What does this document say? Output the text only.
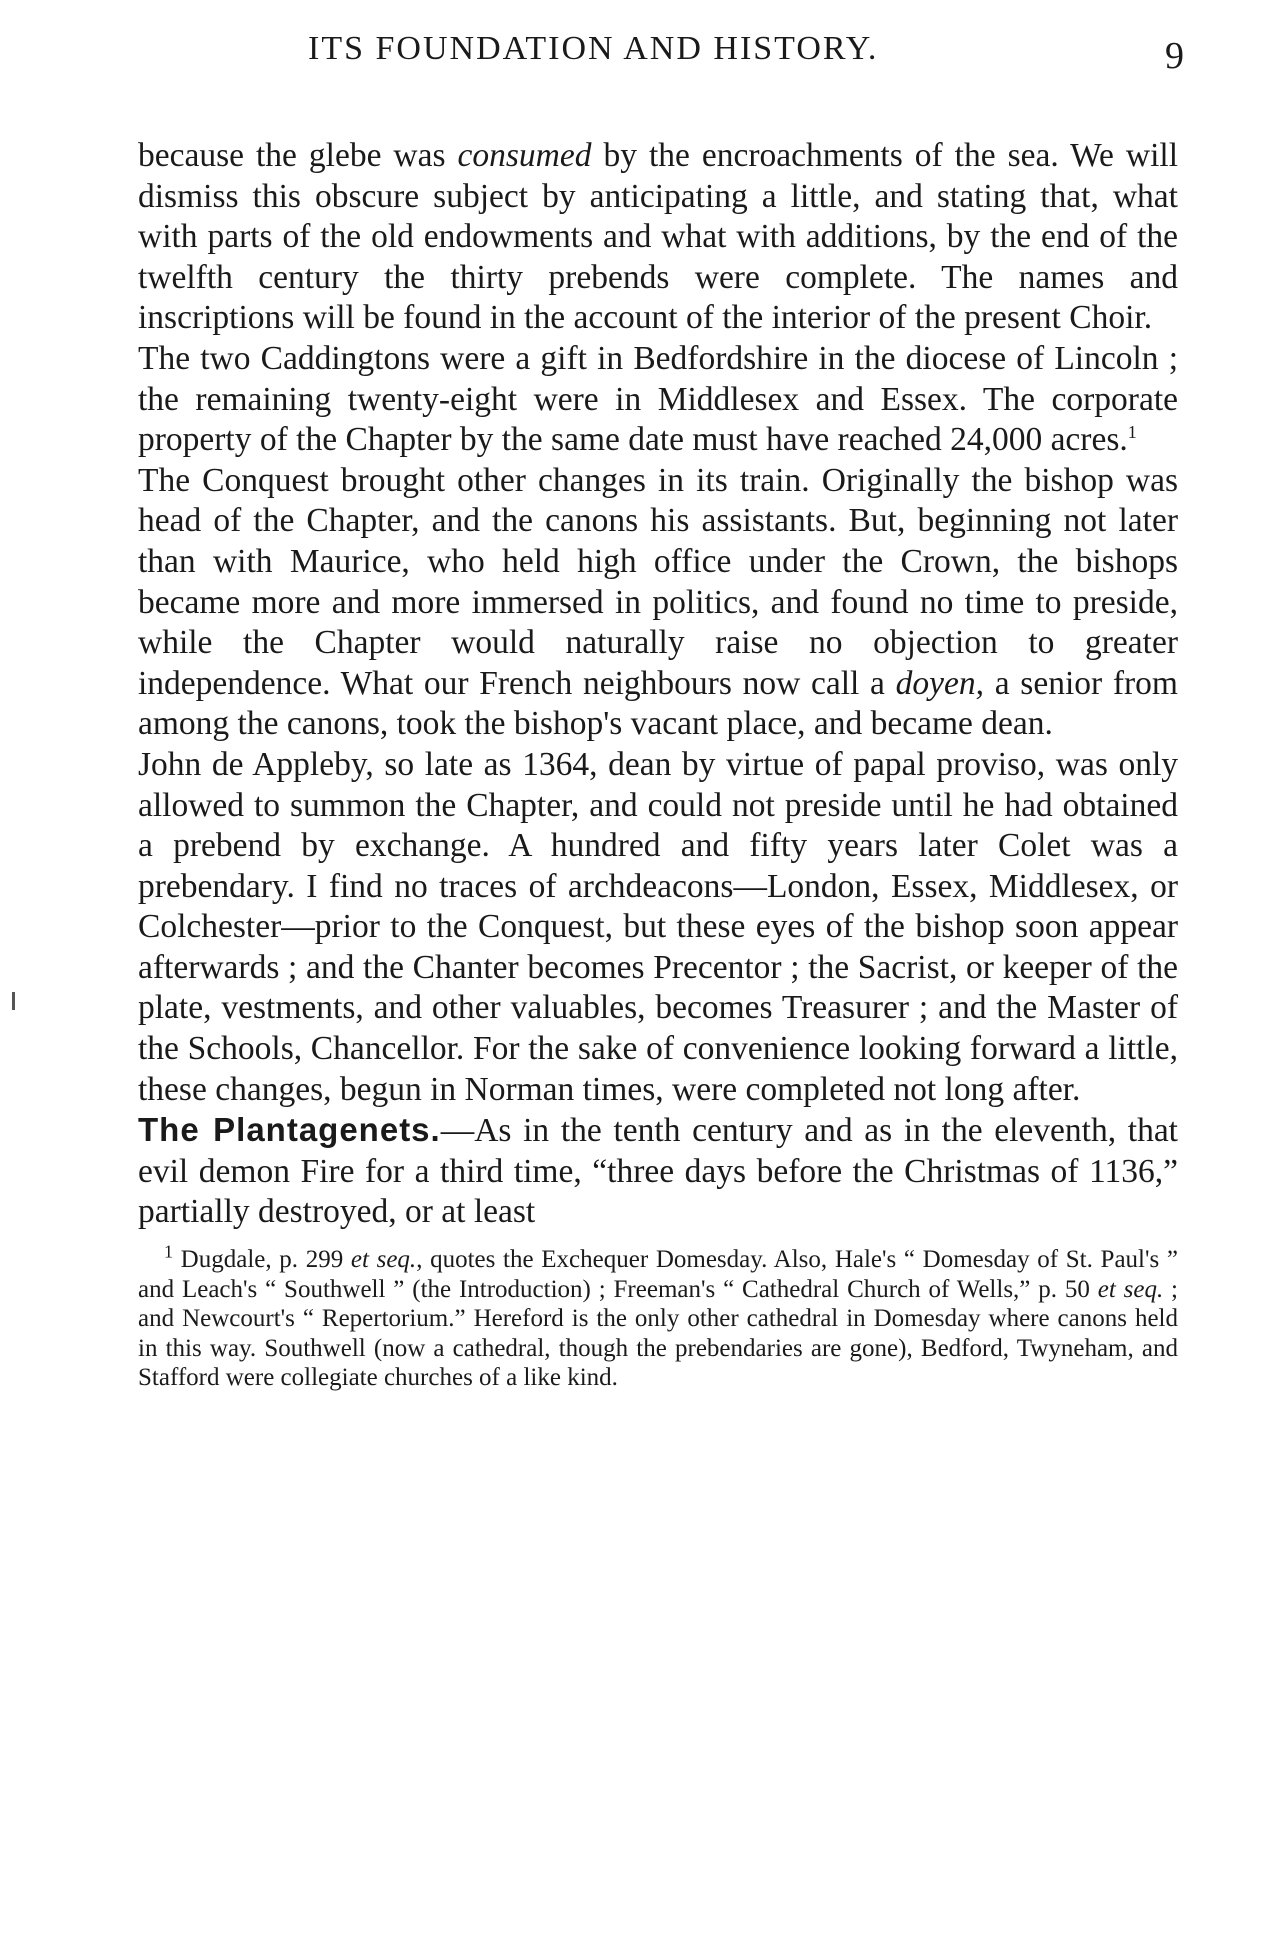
ITS FOUNDATION AND HISTORY.	9

because the glebe was consumed by the encroachments of the sea. We will dismiss this obscure subject by anticipating a little, and stating that, what with parts of the old endowments and what with additions, by the end of the twelfth century the thirty prebends were complete. The names and inscriptions will be found in the account of the interior of the present Choir.

The two Caddingtons were a gift in Bedfordshire in the diocese of Lincoln ; the remaining twenty-eight were in Middlesex and Essex. The corporate property of the Chapter by the same date must have reached 24,000 acres.$^1$

The Conquest brought other changes in its train. Originally the bishop was head of the Chapter, and the canons his assistants. But, beginning not later than with Maurice, who held high office under the Crown, the bishops became more and more immersed in politics, and found no time to preside, while the Chapter would naturally raise no objection to greater independence. What our French neighbours now call a doyen, a senior from among the canons, took the bishop's vacant place, and became dean.

John de Appleby, so late as 1364, dean by virtue of papal proviso, was only allowed to summon the Chapter, and could not preside until he had obtained a prebend by exchange. A hundred and fifty years later Colet was a prebendary. I find no traces of archdeacons—London, Essex, Middlesex, or Colchester—prior to the Conquest, but these eyes of the bishop soon appear afterwards ; and the Chanter becomes Precentor ; the Sacrist, or keeper of the plate, vestments, and other valuables, becomes Treasurer ; and the Master of the Schools, Chancellor. For the sake of convenience looking forward a little, these changes, begun in Norman times, were completed not long after.

The Plantagenets.—As in the tenth century and as in the eleventh, that evil demon Fire for a third time, “three days before the Christmas of 1136,” partially destroyed, or at least

$^1$ Dugdale, p. 299 et seq., quotes the Exchequer Domesday. Also, Hale's “ Domesday of St. Paul's ” and Leach's “ Southwell ” (the Introduction) ; Freeman's “ Cathedral Church of Wells,” p. 50 et seq. ; and Newcourt's “ Repertorium.” Hereford is the only other cathedral in Domesday where canons held in this way. Southwell (now a cathedral, though the prebendaries are gone), Bedford, Twyneham, and Stafford were collegiate churches of a like kind.
